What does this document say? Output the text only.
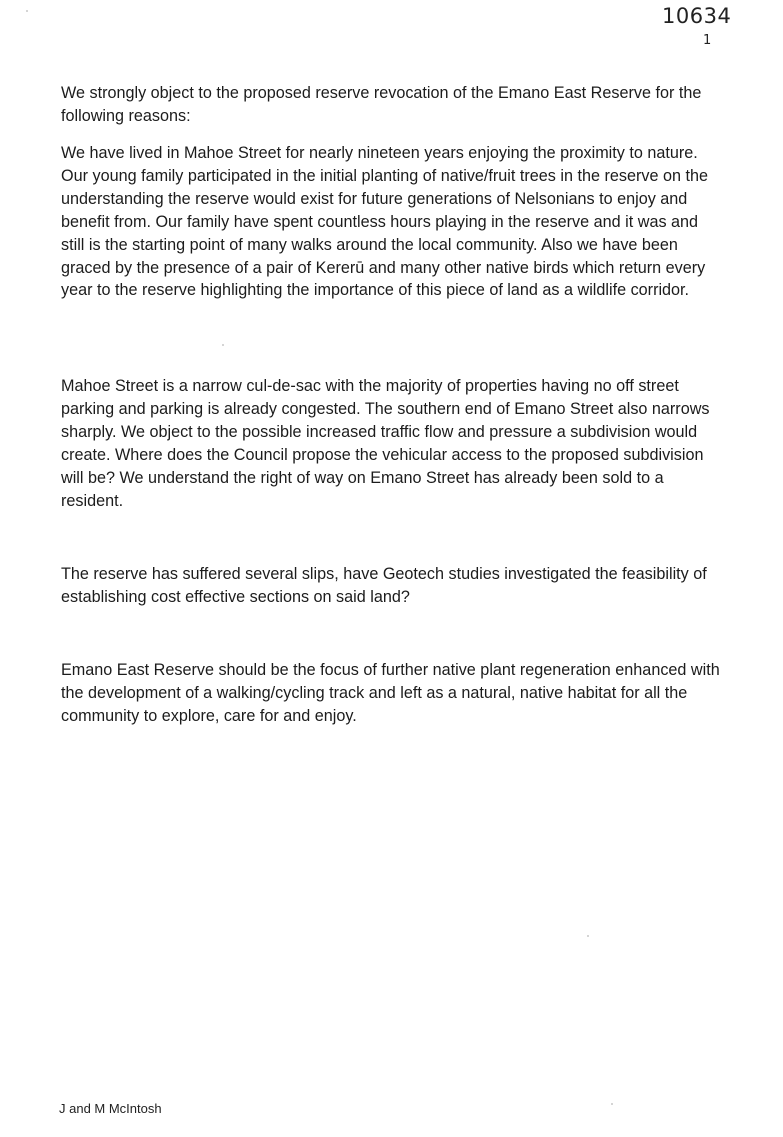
10634
1

We strongly object to the proposed reserve revocation of the Emano East Reserve for the following reasons:

We have lived in Mahoe Street for nearly nineteen years enjoying the proximity to nature. Our young family participated in the initial planting of native/fruit trees in the reserve on the understanding the reserve would exist for future generations of Nelsonians to enjoy and benefit from. Our family have spent countless hours playing in the reserve and it was and still is the starting point of many walks around the local community. Also we have been graced by the presence of a pair of Kererū and many other native birds which return every year to the reserve highlighting the importance of this piece of land as a wildlife corridor.

Mahoe Street is a narrow cul-de-sac with the majority of properties having no off street parking and parking is already congested. The southern end of Emano Street also narrows sharply. We object to the possible increased traffic flow and pressure a subdivision would create. Where does the Council propose the vehicular access to the proposed subdivision will be? We understand the right of way on Emano Street has already been sold to a resident.

The reserve has suffered several slips, have Geotech studies investigated the feasibility of establishing cost effective sections on said land?

Emano East Reserve should be the focus of further native plant regeneration enhanced with the development of a walking/cycling track and left as a natural, native habitat for all the community to explore, care for and enjoy.

J and M McIntosh
